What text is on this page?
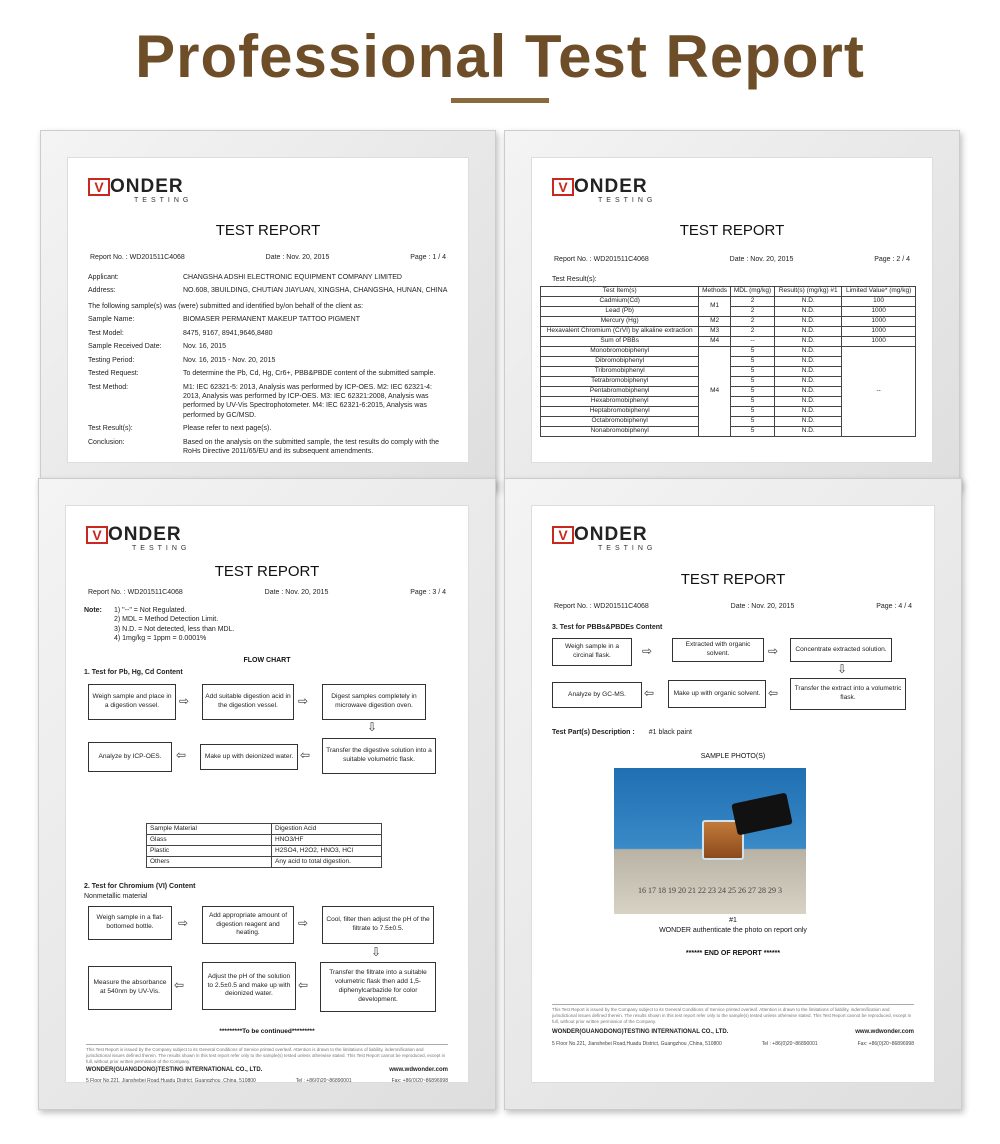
Professional Test Report
V ONDER
TESTING
TEST REPORT
Report No. : WD201511C4068	Date : Nov. 20, 2015	Page : 1 / 4
Applicant:	CHANGSHA ADSHI ELECTRONIC EQUIPMENT COMPANY LIMITED
Address:	NO.608, 3BUILDING, CHUTIAN JIAYUAN, XINGSHA, CHANGSHA, HUNAN, CHINA
The following sample(s) was (were) submitted and identified by/on behalf of the client as:
Sample Name:	BIOMASER PERMANENT MAKEUP TATTOO PIGMENT
Test Model:	8475, 9167, 8941,9646,8480
Sample Received Date:	Nov. 16, 2015
Testing Period:	Nov. 16, 2015 - Nov. 20, 2015
Tested Request:	To determine the Pb, Cd, Hg, Cr6+, PBB&PBDE content of the submitted sample.
Test Method:	M1: IEC 62321-5: 2013, Analysis was performed by ICP-OES. M2: IEC 62321-4: 2013, Analysis was performed by ICP-OES. M3: IEC 62321:2008, Analysis was performed by UV-Vis Spectrophotometer. M4: IEC 62321-6:2015, Analysis was performed by GC/MSD.
Test Result(s):	Please refer to next page(s).
Conclusion:	Based on the analysis on the submitted sample, the test results do comply with the RoHs Directive 2011/65/EU and its subsequent amendments.
V ONDER
TESTING
TEST REPORT
Report No. : WD201511C4068	Date : Nov. 20, 2015	Page : 2 / 4
Test Result(s):
Test Item(s)	Methods	MDL (mg/kg)	Result(s) (mg/kg) #1	Limited Value* (mg/kg)
Cadmium(Cd)	M1	2	N.D.	100
Lead (Pb)		2	N.D.	1000
Mercury (Hg)	M2	2	N.D.	1000
Hexavalent Chromium (CrVI) by alkaline extraction	M3	2	N.D.	1000
Sum of PBBs	M4	--	N.D.	1000
Monobromobiphenyl	M4	5	N.D.	--
Dibromobiphenyl		5	N.D.	
Tribromobiphenyl		5	N.D.	
Tetrabromobiphenyl		5	N.D.	
Pentabromobiphenyl		5	N.D.	
Hexabromobiphenyl		5	N.D.	
Heptabromobiphenyl		5	N.D.	
Octabromobiphenyl		5	N.D.	
Nonabromobiphenyl		5	N.D.	
V ONDER
TESTING
TEST REPORT
Report No. : WD201511C4068	Date : Nov. 20, 2015	Page : 3 / 4
Note:	1) "--" = Not Regulated.
2) MDL = Method Detection Limit.
3) N.D. = Not detected, less than MDL.
4) 1mg/kg = 1ppm = 0.0001%
FLOW CHART
1. Test for Pb, Hg, Cd Content
Weigh sample and place in a digestion vessel.	⇨	Add suitable digestion acid in the digestion vessel.	⇨	Digest samples completely in microwave digestion oven.
⇩
Transfer the digestive solution into a suitable volumetric flask.
⇦
Make up with deionized water.
⇦
Analyze by ICP-OES.
Sample Material	Digestion Acid
Glass	HNO3/HF
Plastic	H2SO4, H2O2, HNO3, HCl
Others	Any acid to total digestion.
2. Test for Chromium (VI) Content
Nonmetallic material
Weigh sample in a flat-bottomed bottle.	⇨
Add appropriate amount of digestion reagent and heating.
⇨	Cool, filter then adjust the pH of the filtrate to 7.5±0.5.
⇩
Transfer the filtrate into a suitable volumetric flask then add 1,5-diphenylcarbazide for color development.
⇦
Adjust the pH of the solution to 2.5±0.5 and make up with deionized water.
⇦
Measure the absorbance at 540nm by UV-Vis.
*********To be continued*********
This Test Report is issued by the Company subject to its General Conditions of Service printed overleaf. Attention is drawn to the limitations of liability, indemnification and jurisdictional issues defined therein. The results shown in this test report refer only to the sample(s) tested unless otherwise stated. This Test Report cannot be reproduced, except in full, without prior written permission of the Company.
WONDER(GUANGDONG)TESTING INTERNATIONAL CO., LTD.	www.wdwonder.com
5 Floor No.221, Jianshebei Road,Huadu District, Guangzhou ,China, 510800	Tel : +86(0)20~86890001	Fax: +86(0)20~86896998
V ONDER
TESTING
TEST REPORT
Report No. : WD201511C4068	Date : Nov. 20, 2015	Page : 4 / 4
3. Test for PBBs&PBDEs Content
Weigh sample in a circinal flask.	⇨	Extracted with organic solvent.	⇨	Concentrate extracted solution.
⇩
Transfer the extract into a volumetric flask.
⇦
Make up with organic solvent.
⇦
Analyze by GC-MS.
Test Part(s) Description : #1 black paint
SAMPLE PHOTO(S)
16 17 18 19 20 21 22 23 24 25 26 27 28 29 3
#1
WONDER authenticate the photo on report only
****** END OF REPORT ******
This Test Report is issued by the Company subject to its General Conditions of Service printed overleaf. Attention is drawn to the limitations of liability, indemnification and jurisdictional issues defined therein. The results shown in this test report refer only to the sample(s) tested unless otherwise stated. This Test Report cannot be reproduced, except in full, without prior written permission of the Company.
WONDER(GUANGDONG)TESTING INTERNATIONAL CO., LTD.	www.wdwonder.com
5 Floor No.221, Jianshebei Road,Huadu District, Guangzhou ,China, 510800	Tel : +86(0)20~86890001	Fax: +86(0)20~86896998
